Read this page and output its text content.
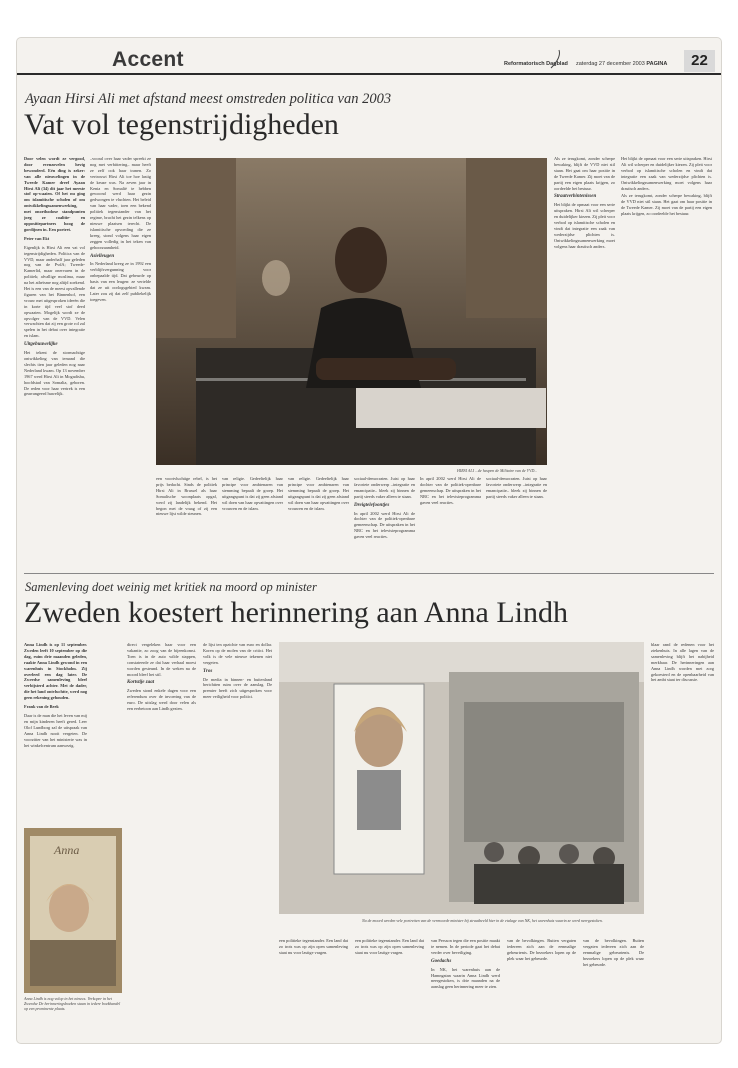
Accent	Reformatorisch Dagblad zaterdag 27 december 2003 PAGINA	22
Ayaan Hirsi Ali met afstand meest omstreden politica van 2003
Vat vol tegenstrijdigheden

Door velen wordt ze vergood, door evenzovelen hevig bewonderd. Eén ding is zeker: van alle nieuwelingen in de Tweede Kamer dreef Ayaan Hirsi Ali (34) dit jaar het meeste stof op-waaien. Of het nu ging om islamitische scholen of om ontwikkelingssamenwerking, met onorthodoxe standpunten joeg ze coalitie- en oppositiepartners hoog de gordijnen in. Een portret.

Peter van Ekt

Eigenlijk is Hirsi Ali een vat vol tegenstrijdigheden. Politica van de VVD, maar anderhalf jaar geleden nog van de PvdA; Tweede-Kamerlid, maar onervaren in de politiek; afvallige moslima, maar na het atheïsme nog altijd zoekend. Het is een van de meest opvallende figuren van het Binnenhof, een vrouw met uitgesproken ideeën die in korte tijd veel stof deed opwaaien. Mogelijk wordt ze de opvolger van de VVD. Velen verwachten dat zij een grote rol zal spelen in het debat over integratie en islam.

Uitgebuuwelijke

Het tekent de stormachtige ontwikkeling van iemand die slechts tien jaar geleden nog naar Nederland kwam. Op 13 november 1967 werd Hirsi Ali in Mogadishu, hoofdstad van Somalia, geboren. De reden voor haar vertrek is een gearrangeerd huwelijk.

–vooral over haar vader spreekt ze nog met verbittering– maar heeft ze zelf ook haar tranen. Zo vertrouwt Hirsi Ali toe hoe lastig de keuze was. Na zeven jaar in Kenia en Somalië te hebben gewoond werd haar gezin gedwongen te vluchten. Het beleid van haar vader, toen een bekend politiek tegenstander van het regime, bracht het gezin telkens op nieuwe plaatsen terecht. De islamitische opvoeding die ze kreeg, stond volgens haar eigen zeggen volledig in het teken van gehoorzaamheid.

Asielleugen

In Nederland kreeg ze in 1992 een verblijfsvergunning voor onbepaalde tijd. Dat gebeurde op basis van een leugen: ze vertelde dat ze uit oorlogsgebied kwam. Later zou zij dat zelf publiekelijk toegeven.

HIRSI ALI ...de heupen de Militaire van de VVD...

een voortvluchtige rebel, is het prijs bedacht. Sinds de politiek Hirsi Ali in Brussel als haar Somalische woonplaats opgaf, werd zij landelijk bekend. Het begon met de vraag of zij een nieuwe lijst wilde steunen.

van religie. Gedeeltelijk haar principe voor ambtenaren van stemming bepaalt de groep. Het uitgangspunt is dat zij geen afstand wil doen van haar opvattingen over vrouwen en de islam.

van religie. Gedeeltelijk haar principe voor ambtenaren van stemming bepaalt de groep. Het uitgangspunt is dat zij geen afstand wil doen van haar opvattingen over vrouwen en de islam.

sociaal-democraten. Juist op haar favoriete onderwerp –integratie en emancipatie– bleek zij binnen de partij steeds vaker alleen te staan.

Dreigtelefoontjes

In april 2002 werd Hirsi Ali de dochter van de politiek-openbare gemeenschap. De uitspraken in het NRC en het televisieprogramma gaven veel reacties.

In april 2002 werd Hirsi Ali de dochter van de politiek-openbare gemeenschap. De uitspraken in het NRC en het televisieprogramma gaven veel reacties.

sociaal-democraten. Juist op haar favoriete onderwerp –integratie en emancipatie– bleek zij binnen de partij steeds vaker alleen te staan.

Als ze terugkomt, zonder scherpe bewaking, blijft de VVD niet stil staan. Het gaat om haar positie in de Tweede Kamer. Zij moet van de partij een eigen plaats krijgen, zo oordeelde het bestuur.

Straatverbintenissen

Het blijkt de opmaat voor een serie uitspraken. Hirsi Ali wil scherper en duidelijker kiezen. Zij pleit voor verbod op islamitische scholen en vindt dat integratie een zaak van wederzijdse plichten is. Ontwikkelingssamenwerking moet volgens haar drastisch anders.

Het blijkt de opmaat voor een serie uitspraken. Hirsi Ali wil scherper en duidelijker kiezen. Zij pleit voor verbod op islamitische scholen en vindt dat integratie een zaak van wederzijdse plichten is. Ontwikkelingssamenwerking moet volgens haar drastisch anders.

Als ze terugkomt, zonder scherpe bewaking, blijft de VVD niet stil staan. Het gaat om haar positie in de Tweede Kamer. Zij moet van de partij een eigen plaats krijgen, zo oordeelde het bestuur.

Samenleving doet weinig met kritiek na moord op minister
Zweden koestert herinnering aan Anna Lindh

Anna Lindh is op 11 september. Zweden leeft 10 september op die dag, ruim drie maanden geleden, raakte Anna Lindh gewond in een warenhuis in Stockholm. Zij overleed een dag later. De Zweedse samenleving bleef verbijsterd achter. Met de dader, die het land ontvluchtte, werd nog geen rekening gehouden.

Frank van de Beek

Daar is de man die het leven van mij en mijn kinderen heeft gered. Leer Olof Lundborg zal de uitspraak van Anna Lindh nooit vergeten. De voorzitter van het ministerie was in het winkelcentrum aanwezig.

Anna
Anna Lindh is nog volop in het nieuws. Verkoper in het Zweedse De herinneringsboeken staan in iedere boekhandel op een prominente plaats.

direct vergeleken haar voor een vakantie, zo zoog van de bijeenkomst. Toen is in de auto wilde stappen, constateerde ze dat haar verhaal moest worden gesteund. In de weken na de moord bleef het stil.

Kortstije zaat

Zweden stond enkele dagen voor een referendum over de invoering van de euro. De uitslag werd door velen als een eerbetoon aan Lindh gezien.

de lijst ten opzichte van euro en dollar. Koren op de molen van de critici. Het volk is de vele nieuwe tekenen niet vergeten.

Tros

De media in binnen- en buitenland berichtten ruim over de aanslag. De premier heeft zich uitgesproken voor meer veiligheid voor politici.

Na de moord werden vele portretten van de vermoorde minister bij straatbeeld hier in de etalage van NK, het warenhuis waarin ze werd neergestoken.

een politieke tegenstander. Een land dat zo trots was op zijn open samenleving staat nu voor lastige vragen.

een politieke tegenstander. Een land dat zo trots was op zijn open samenleving staat nu voor lastige vragen.

van Persson tegen die een positie maakt te nemen. In de periode gaat het debat verder over beveiliging.

Goedachs

In NK, het warenhuis aan de Hamngatan waarin Anna Lindh werd neergestoken, is drie maanden na de aanslag geen herinnering meer te zien.

van de bevolkingen. Buiten vergaten iedereen zich aan de eenmalige gebeurtenis. De bezoekers lopen op de plek waar het gebeurde.

van de bevolkingen. Buiten vergaten iedereen zich aan de eenmalige gebeurtenis. De bezoekers lopen op de plek waar het gebeurde.

blaar rand de redenen voor het ziekenhuis. In alle lagen van de samenleving blijft het nabijheid merkbaar. De herinneringen aan Anna Lindh worden met zorg gekoesterd en de openbaarheid van het ambt staat ter discussie.
